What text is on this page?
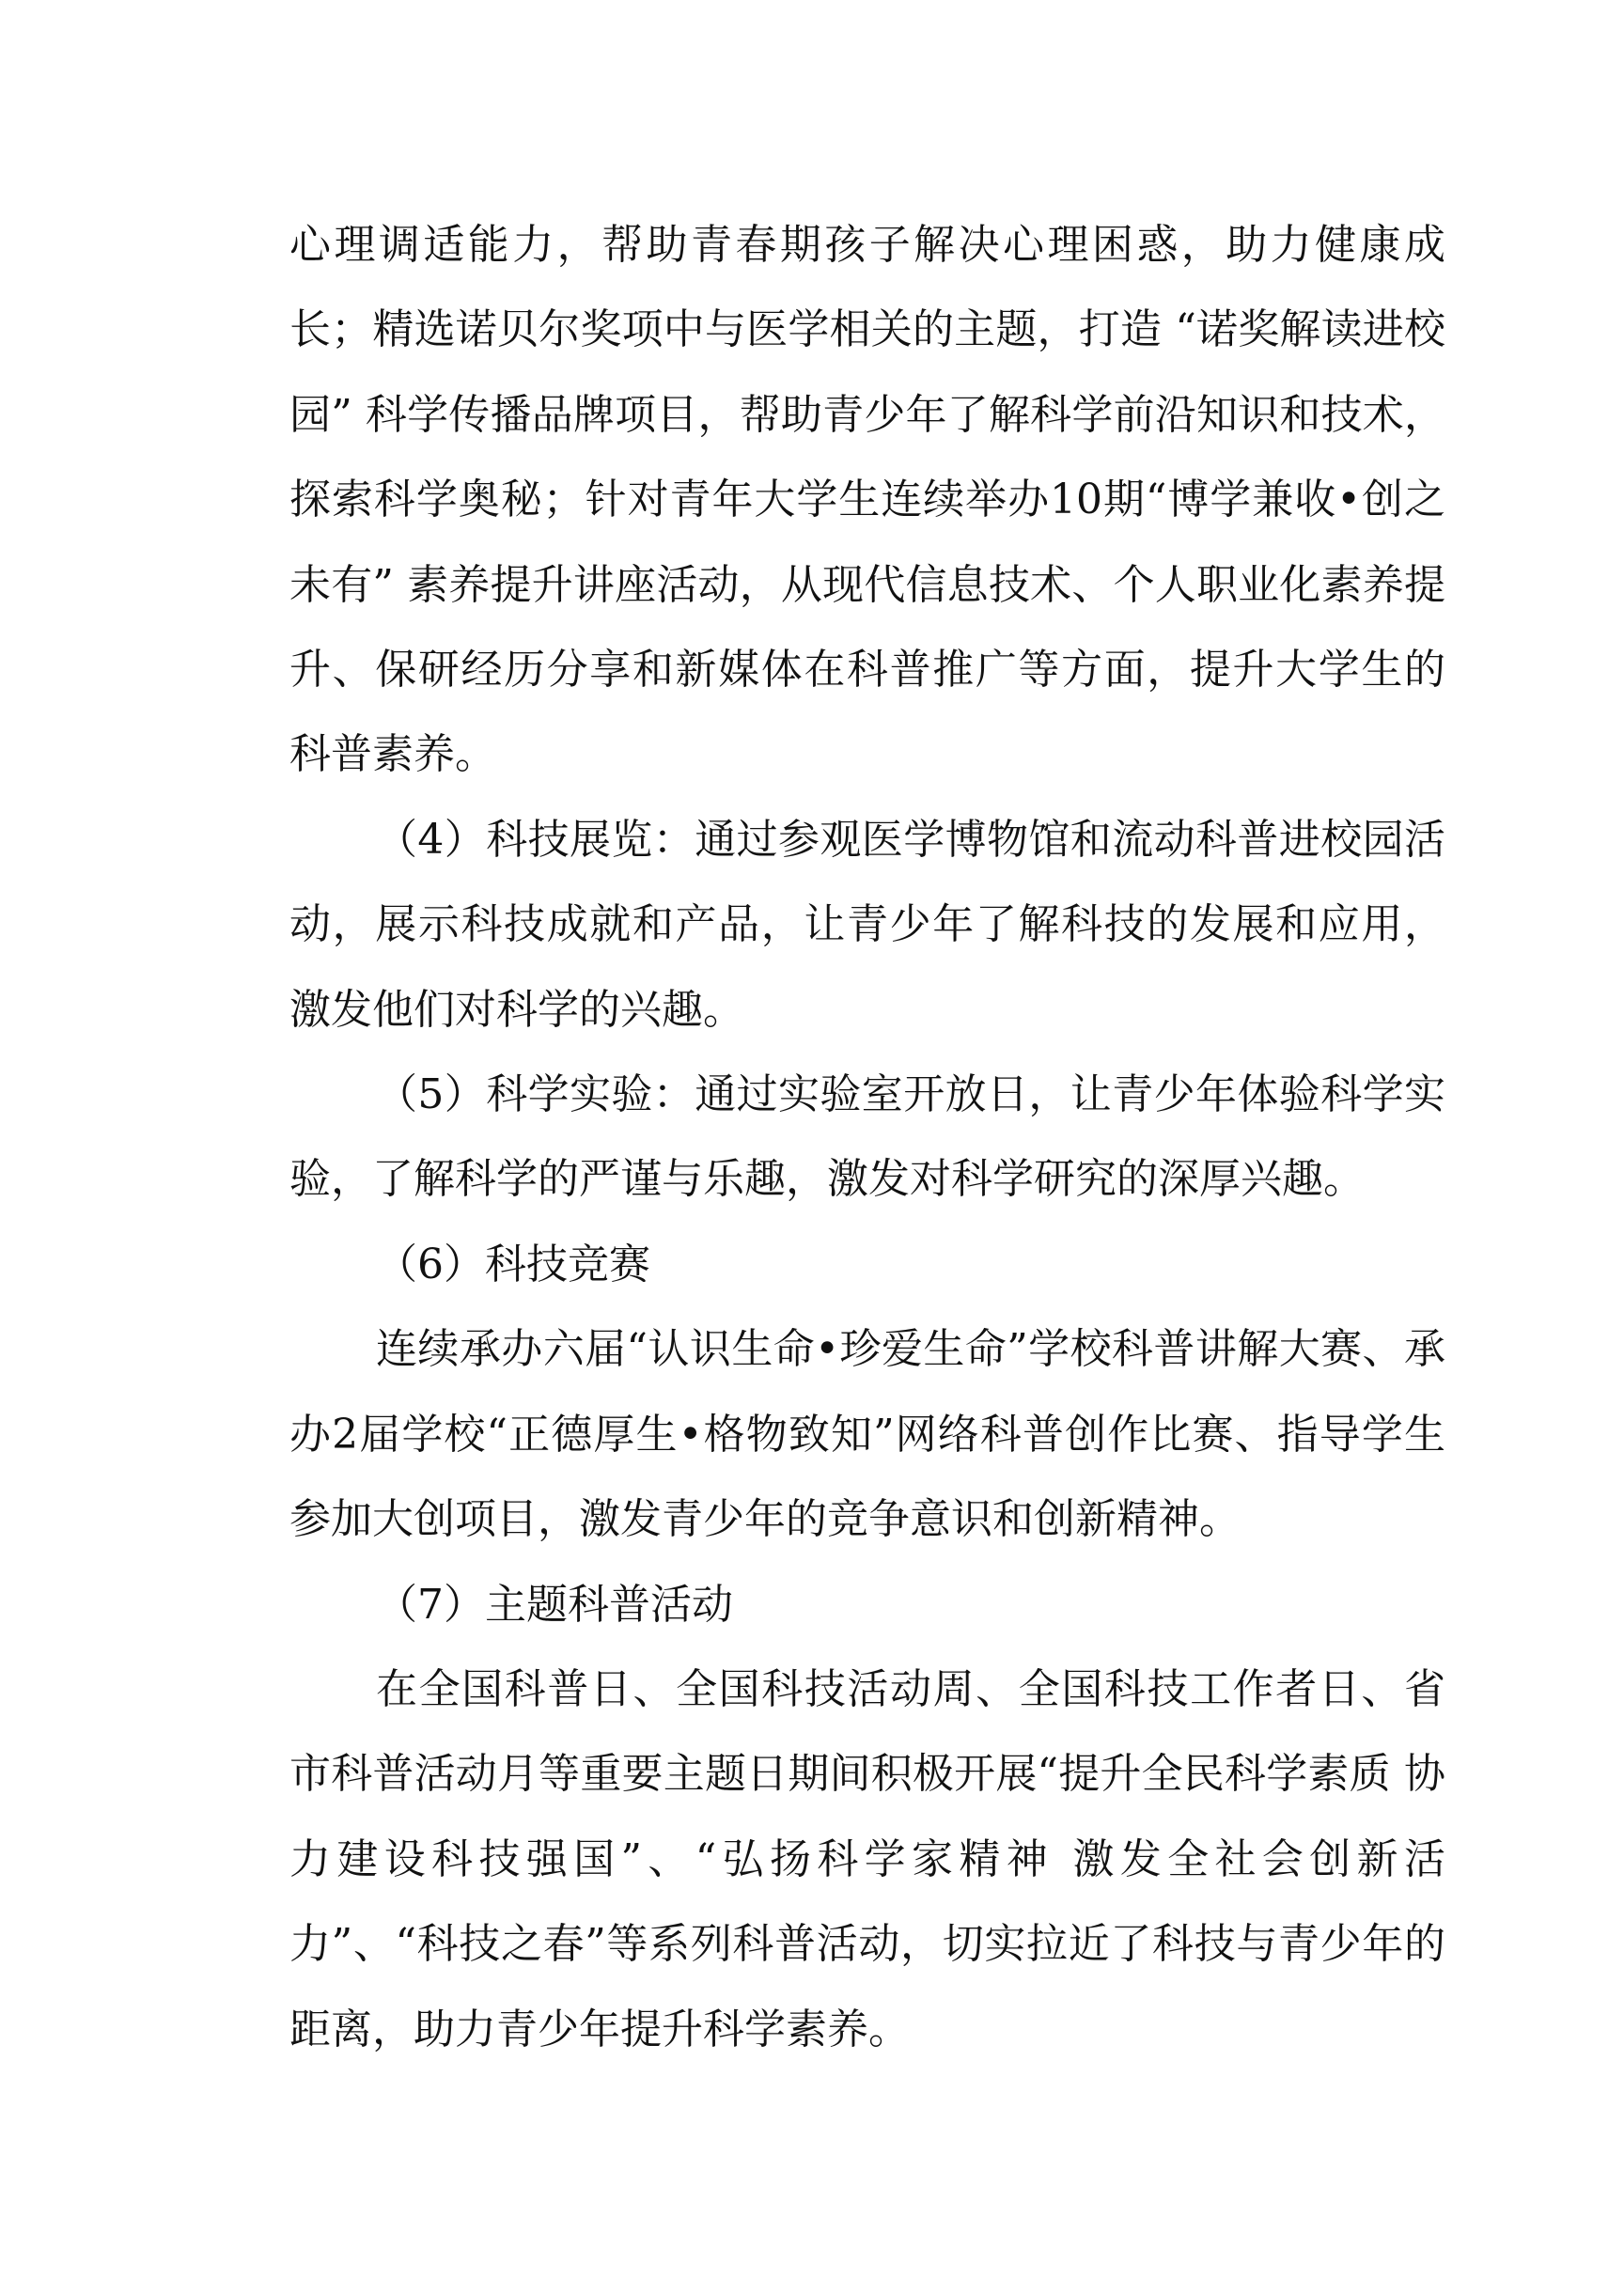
心理调适能力，帮助青春期孩子解决心理困惑，助力健康成长；精选诺贝尔奖项中与医学相关的主题，打造 “诺奖解读进校园” 科学传播品牌项目，帮助青少年了解科学前沿知识和技术，探索科学奥秘；针对青年大学生连续举办10期“博学兼收•创之未有” 素养提升讲座活动，从现代信息技术、个人职业化素养提升、保研经历分享和新媒体在科普推广等方面，提升大学生的科普素养。

（4）科技展览：通过参观医学博物馆和流动科普进校园活动，展示科技成就和产品，让青少年了解科技的发展和应用，激发他们对科学的兴趣。

（5）科学实验：通过实验室开放日，让青少年体验科学实验，了解科学的严谨与乐趣，激发对科学研究的深厚兴趣。

（6）科技竞赛

连续承办六届“认识生命•珍爱生命”学校科普讲解大赛、承办2届学校“正德厚生•格物致知”网络科普创作比赛、指导学生参加大创项目，激发青少年的竞争意识和创新精神。

（7）主题科普活动

在全国科普日、全国科技活动周、全国科技工作者日、省市科普活动月等重要主题日期间积极开展“提升全民科学素质 协力建设科技强国”、“弘扬科学家精神 激发全社会创新活力”、“科技之春”等系列科普活动，切实拉近了科技与青少年的距离，助力青少年提升科学素养。
